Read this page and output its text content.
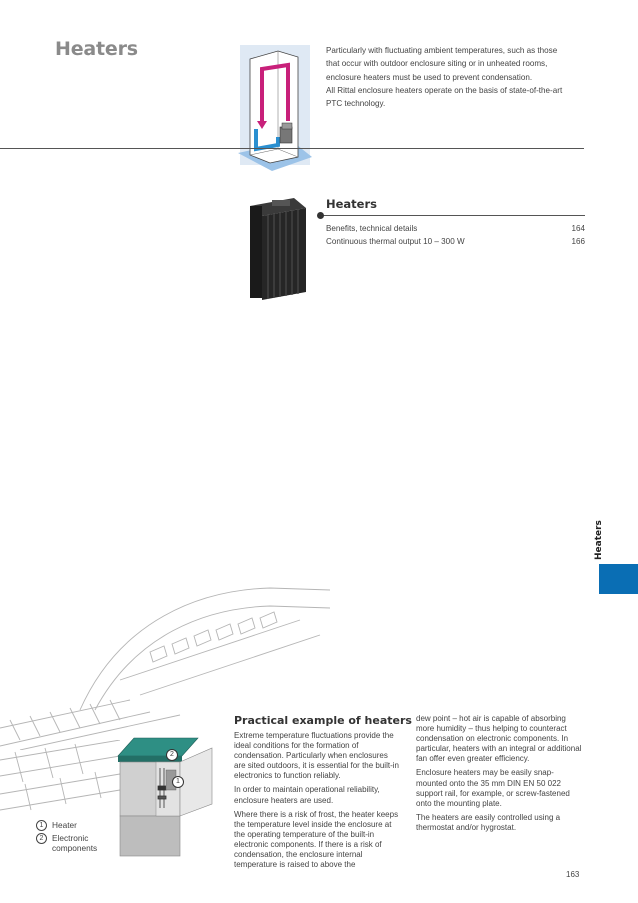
Heaters	Particularly with fluctuating ambient temperatures, such as those

that occur with outdoor enclosure siting or in unheated rooms,

enclosure heaters must be used to prevent condensation.

All Rittal enclosure heaters operate on the basis of state-of-the-art

PTC technology.

Heaters
Benefits, technical details	164
Continuous thermal output 10 – 300 W	166
Heaters
2
1
1	Heater
2	Electronic components
Practical example of heaters

Extreme temperature fluctuations provide the ideal conditions for the formation of condensation. Particularly when enclosures are sited outdoors, it is essential for the built-in electronics to function reliably.

In order to maintain operational reliability, enclosure heaters are used.

Where there is a risk of frost, the heater keeps the temperature level inside the enclosure at the operating temperature of the built-in electronic components. If there is a risk of condensation, the enclosure internal temperature is raised to above the

dew point – hot air is capable of absorbing more humidity – thus helping to counteract condensation on electronic components. In particular, heaters with an integral or additional fan offer even greater efficiency.

Enclosure heaters may be easily snap-mounted onto the 35 mm DIN EN 50 022 support rail, for example, or screw-fastened onto the mounting plate.

The heaters are easily controlled using a thermostat and/or hygrostat.

163
